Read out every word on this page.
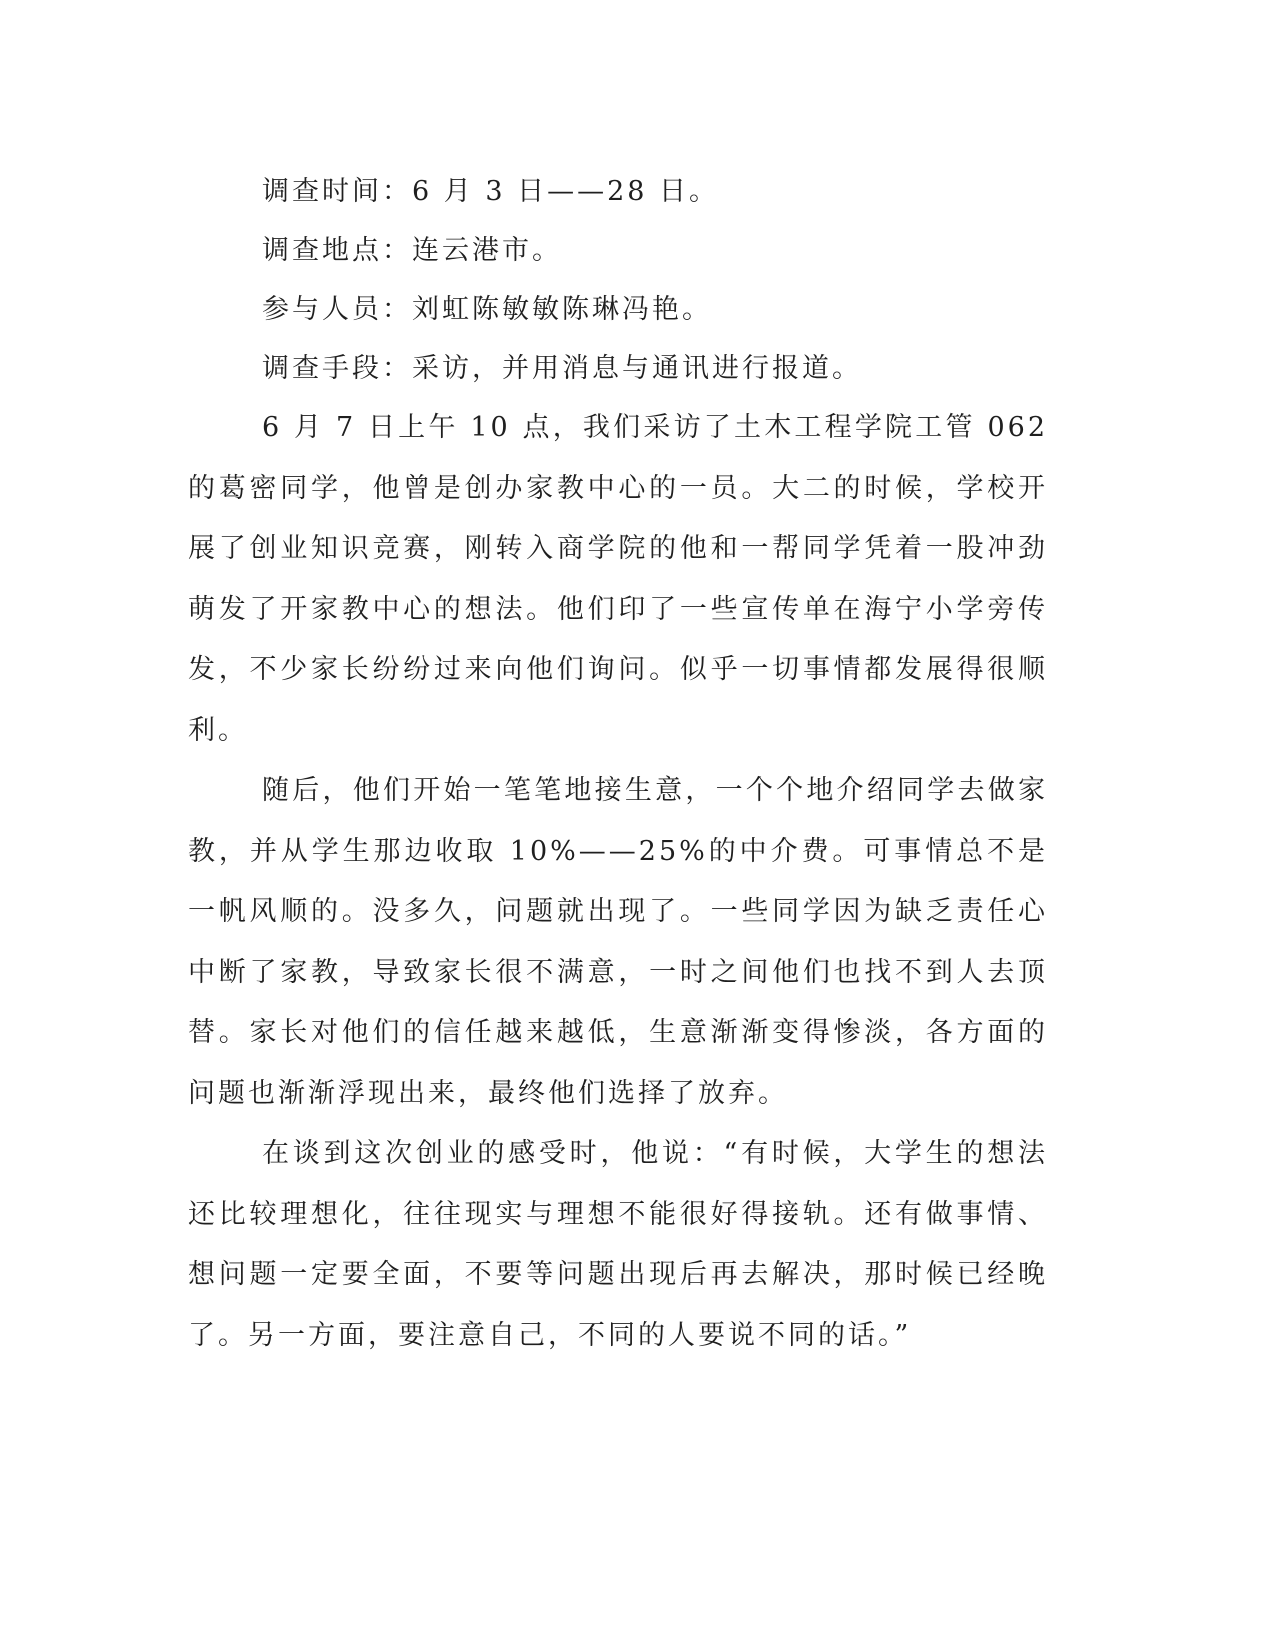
调查时间：6 月 3 日——28 日。

调查地点：连云港市。

参与人员：刘虹陈敏敏陈琳冯艳。

调查手段：采访，并用消息与通讯进行报道。

6 月 7 日上午 10 点，我们采访了土木工程学院工管 062 的葛密同学，他曾是创办家教中心的一员。大二的时候，学校开展了创业知识竞赛，刚转入商学院的他和一帮同学凭着一股冲劲萌发了开家教中心的想法。他们印了一些宣传单在海宁小学旁传发，不少家长纷纷过来向他们询问。似乎一切事情都发展得很顺利。

随后，他们开始一笔笔地接生意，一个个地介绍同学去做家教，并从学生那边收取 10%——25%的中介费。可事情总不是一帆风顺的。没多久，问题就出现了。一些同学因为缺乏责任心中断了家教，导致家长很不满意，一时之间他们也找不到人去顶替。家长对他们的信任越来越低，生意渐渐变得惨淡，各方面的问题也渐渐浮现出来，最终他们选择了放弃。

在谈到这次创业的感受时，他说：“有时候，大学生的想法还比较理想化，往往现实与理想不能很好得接轨。还有做事情、想问题一定要全面，不要等问题出现后再去解决，那时候已经晚了。另一方面，要注意自己，不同的人要说不同的话。”
